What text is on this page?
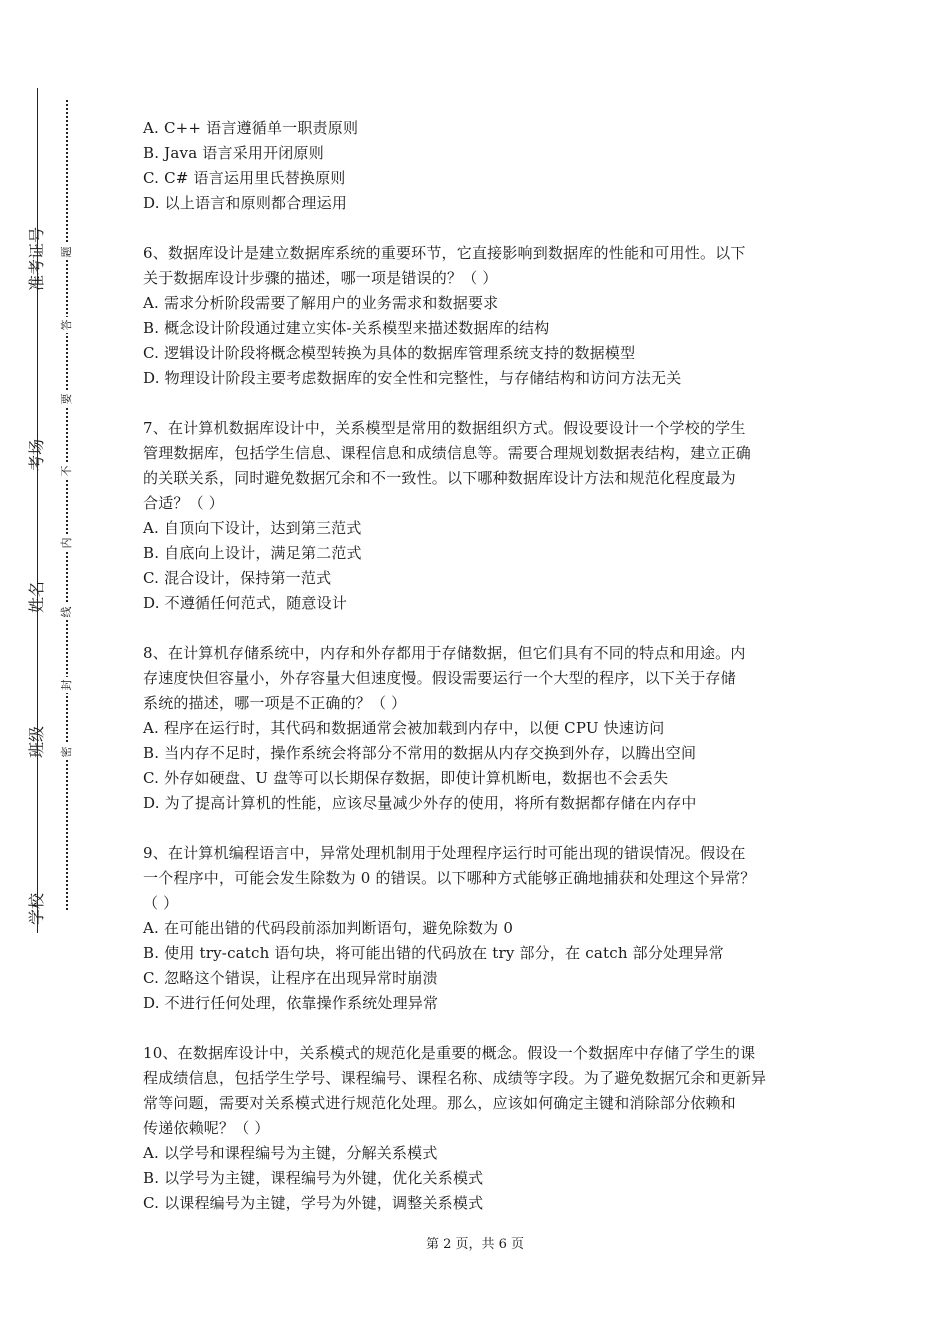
准考证号
考场
姓名
班级
学校
题
答
要
不
内
线
封
密
A. C++ 语言遵循单一职责原则
B. Java 语言采用开闭原则
C. C# 语言运用里氏替换原则
D. 以上语言和原则都合理运用
6、数据库设计是建立数据库系统的重要环节，它直接影响到数据库的性能和可用性。以下
关于数据库设计步骤的描述，哪一项是错误的？（ ）
A. 需求分析阶段需要了解用户的业务需求和数据要求
B. 概念设计阶段通过建立实体-关系模型来描述数据库的结构
C. 逻辑设计阶段将概念模型转换为具体的数据库管理系统支持的数据模型
D. 物理设计阶段主要考虑数据库的安全性和完整性，与存储结构和访问方法无关
7、在计算机数据库设计中，关系模型是常用的数据组织方式。假设要设计一个学校的学生
管理数据库，包括学生信息、课程信息和成绩信息等。需要合理规划数据表结构，建立正确
的关联关系，同时避免数据冗余和不一致性。以下哪种数据库设计方法和规范化程度最为
合适？（ ）
A. 自顶向下设计，达到第三范式
B. 自底向上设计，满足第二范式
C. 混合设计，保持第一范式
D. 不遵循任何范式，随意设计
8、在计算机存储系统中，内存和外存都用于存储数据，但它们具有不同的特点和用途。内
存速度快但容量小，外存容量大但速度慢。假设需要运行一个大型的程序，以下关于存储
系统的描述，哪一项是不正确的？（ ）
A. 程序在运行时，其代码和数据通常会被加载到内存中，以便 CPU 快速访问
B. 当内存不足时，操作系统会将部分不常用的数据从内存交换到外存，以腾出空间
C. 外存如硬盘、U 盘等可以长期保存数据，即使计算机断电，数据也不会丢失
D. 为了提高计算机的性能，应该尽量减少外存的使用，将所有数据都存储在内存中
9、在计算机编程语言中，异常处理机制用于处理程序运行时可能出现的错误情况。假设在
一个程序中，可能会发生除数为 0 的错误。以下哪种方式能够正确地捕获和处理这个异常？
（ ）
A. 在可能出错的代码段前添加判断语句，避免除数为 0
B. 使用 try-catch 语句块，将可能出错的代码放在 try 部分，在 catch 部分处理异常
C. 忽略这个错误，让程序在出现异常时崩溃
D. 不进行任何处理，依靠操作系统处理异常
10、在数据库设计中，关系模式的规范化是重要的概念。假设一个数据库中存储了学生的课
程成绩信息，包括学生学号、课程编号、课程名称、成绩等字段。为了避免数据冗余和更新异
常等问题，需要对关系模式进行规范化处理。那么，应该如何确定主键和消除部分依赖和
传递依赖呢？（ ）
A. 以学号和课程编号为主键，分解关系模式
B. 以学号为主键，课程编号为外键，优化关系模式
C. 以课程编号为主键，学号为外键，调整关系模式
第 2 页，共 6 页
